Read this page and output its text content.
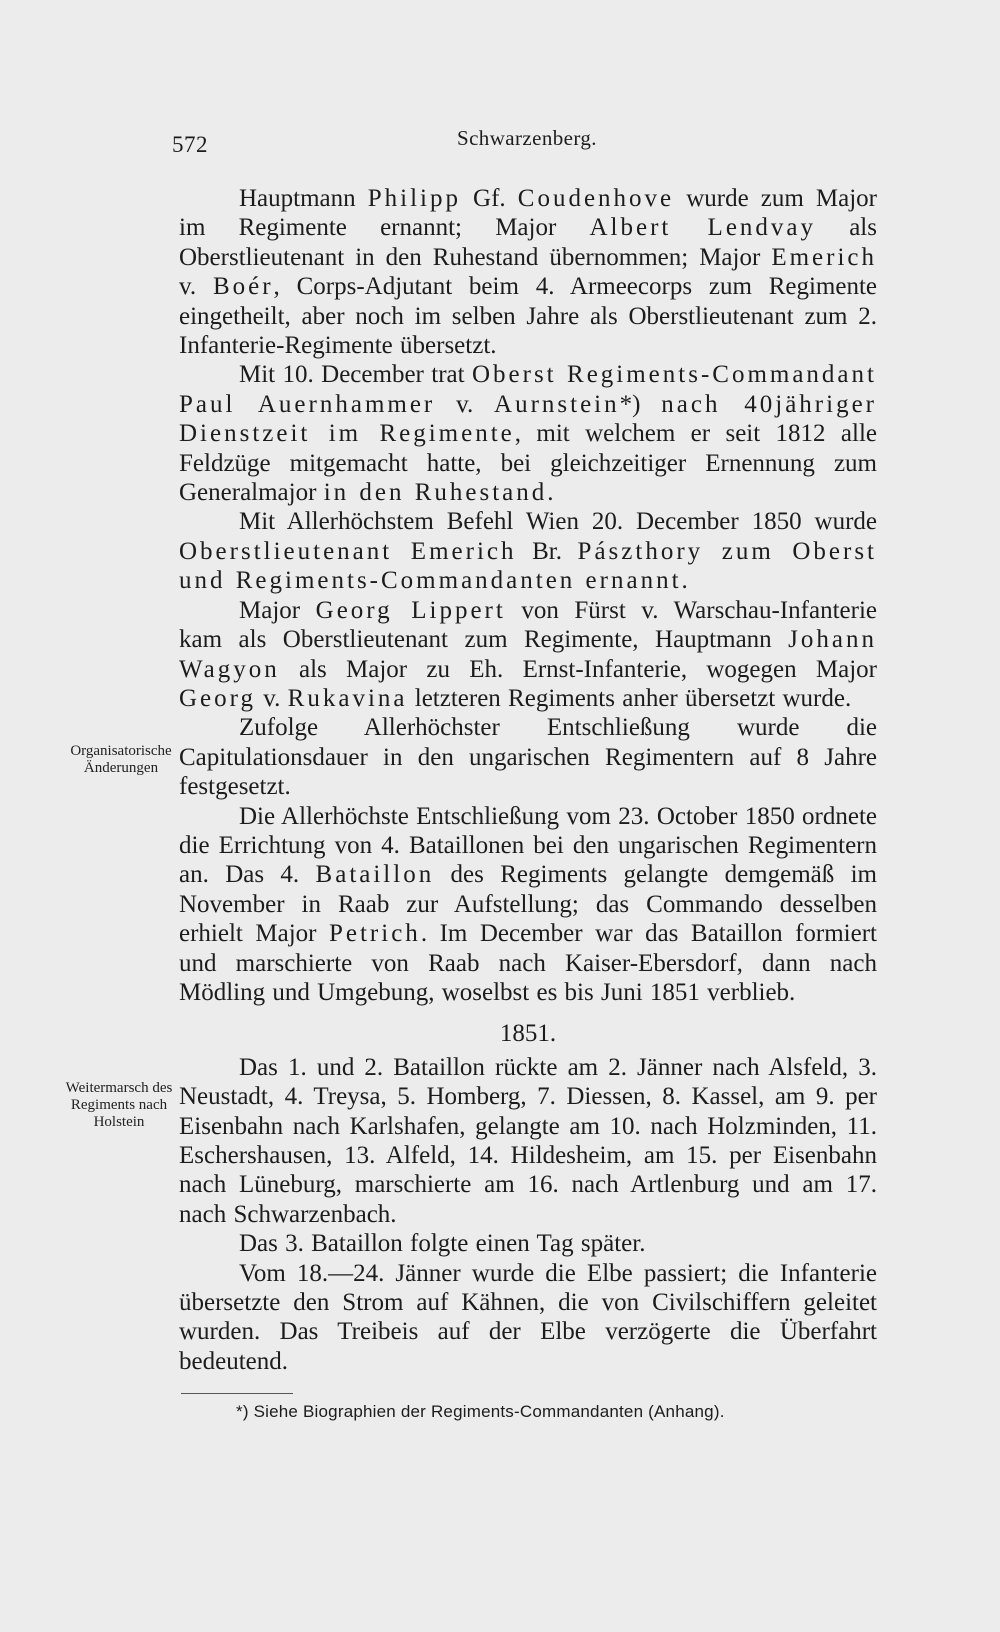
572	Schwarzenberg.
Organisatorische Änderungen
Weitermarsch des Regiments nach Holstein

Hauptmann Philipp Gf. Coudenhove wurde zum Major im Regimente ernannt; Major Albert Lendvay als Oberstlieutenant in den Ruhestand übernommen; Major Emerich v. Boér, Corps-Adjutant beim 4. Armeecorps zum Regimente eingetheilt, aber noch im selben Jahre als Oberstlieutenant zum 2. Infanterie-Regimente übersetzt.

Mit 10. December trat Oberst Regiments-Commandant Paul Auernhammer v. Aurnstein*) nach 40jähriger Dienstzeit im Regimente, mit welchem er seit 1812 alle Feldzüge mitgemacht hatte, bei gleichzeitiger Ernennung zum Generalmajor in den Ruhestand.

Mit Allerhöchstem Befehl Wien 20. December 1850 wurde Oberstlieutenant Emerich Br. Pászthory zum Oberst und Regiments-Commandanten ernannt.

Major Georg Lippert von Fürst v. Warschau-Infanterie kam als Oberstlieutenant zum Regimente, Hauptmann Johann Wagyon als Major zu Eh. Ernst-Infanterie, wogegen Major Georg v. Rukavina letzteren Regiments anher übersetzt wurde.

Zufolge Allerhöchster Entschließung wurde die Capitulationsdauer in den ungarischen Regimentern auf 8 Jahre festgesetzt.

Die Allerhöchste Entschließung vom 23. October 1850 ordnete die Errichtung von 4. Bataillonen bei den ungarischen Regimentern an. Das 4. Bataillon des Regiments gelangte demgemäß im November in Raab zur Aufstellung; das Commando desselben erhielt Major Petrich. Im December war das Bataillon formiert und marschierte von Raab nach Kaiser-Ebersdorf, dann nach Mödling und Umgebung, woselbst es bis Juni 1851 verblieb.

1851.

Das 1. und 2. Bataillon rückte am 2. Jänner nach Alsfeld, 3. Neustadt, 4. Treysa, 5. Homberg, 7. Diessen, 8. Kassel, am 9. per Eisenbahn nach Karlshafen, gelangte am 10. nach Holzminden, 11. Eschershausen, 13. Alfeld, 14. Hildesheim, am 15. per Eisenbahn nach Lüneburg, marschierte am 16. nach Artlenburg und am 17. nach Schwarzenbach.

Das 3. Bataillon folgte einen Tag später.

Vom 18.—24. Jänner wurde die Elbe passiert; die Infanterie übersetzte den Strom auf Kähnen, die von Civilschiffern geleitet wurden. Das Treibeis auf der Elbe verzögerte die Überfahrt bedeutend.

*) Siehe Biographien der Regiments-Commandanten (Anhang).
